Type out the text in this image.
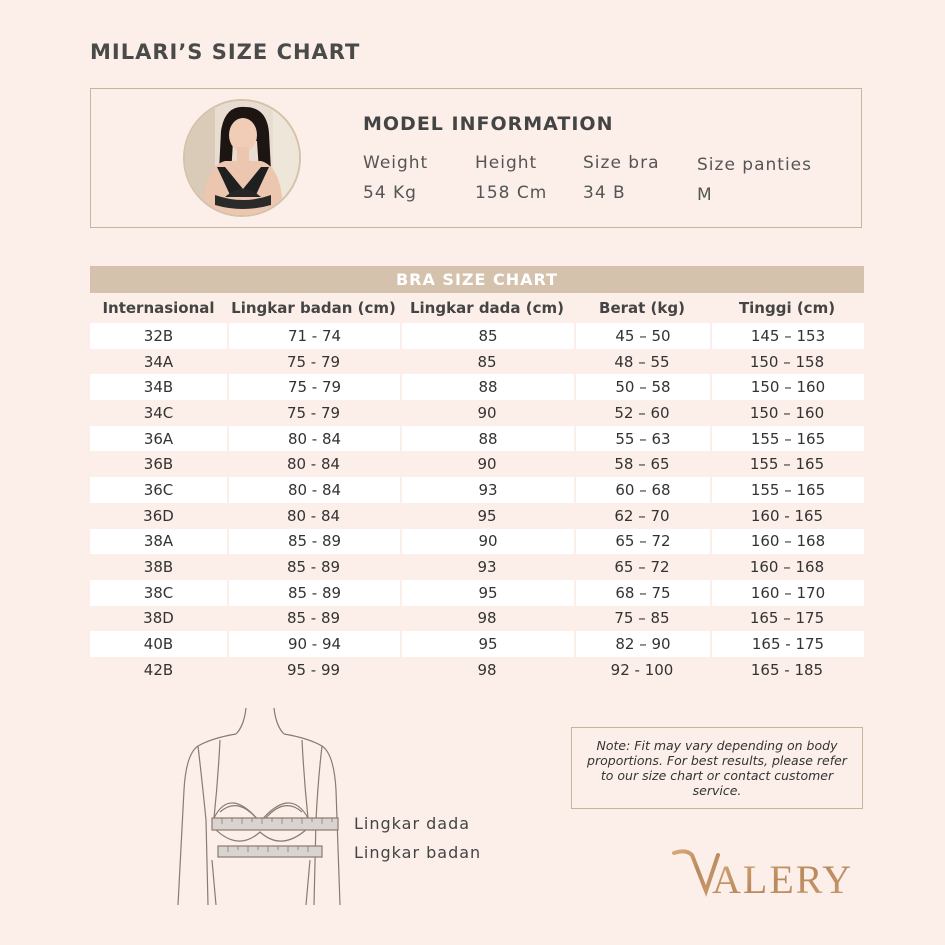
MILARI’S SIZE CHART
MODEL INFORMATION
Weight
54 Kg
Height
158 Cm
Size bra
34 B
Size panties
M
BRA SIZE CHART
Internasional	Lingkar badan (cm)	Lingkar dada (cm)	Berat (kg)	Tinggi (cm)
32B	71 - 74	85	45 – 50	145 – 153
34A	75 - 79	85	48 – 55	150 – 158
34B	75 - 79	88	50 – 58	150 – 160
34C	75 - 79	90	52 – 60	150 – 160
36A	80 - 84	88	55 – 63	155 – 165
36B	80 - 84	90	58 – 65	155 – 165
36C	80 - 84	93	60 – 68	155 – 165
36D	80 - 84	95	62 – 70	160 - 165
38A	85 - 89	90	65 – 72	160 – 168
38B	85 - 89	93	65 – 72	160 – 168
38C	85 - 89	95	68 – 75	160 – 170
38D	85 - 89	98	75 – 85	165 – 175
40B	90 - 94	95	82 – 90	165 - 175
42B	95 - 99	98	92 - 100	165 - 185
Lingkar dada
Lingkar badan
Note: Fit may vary depending on body proportions. For best results, please refer to our size chart or contact customer service.
ALERY
